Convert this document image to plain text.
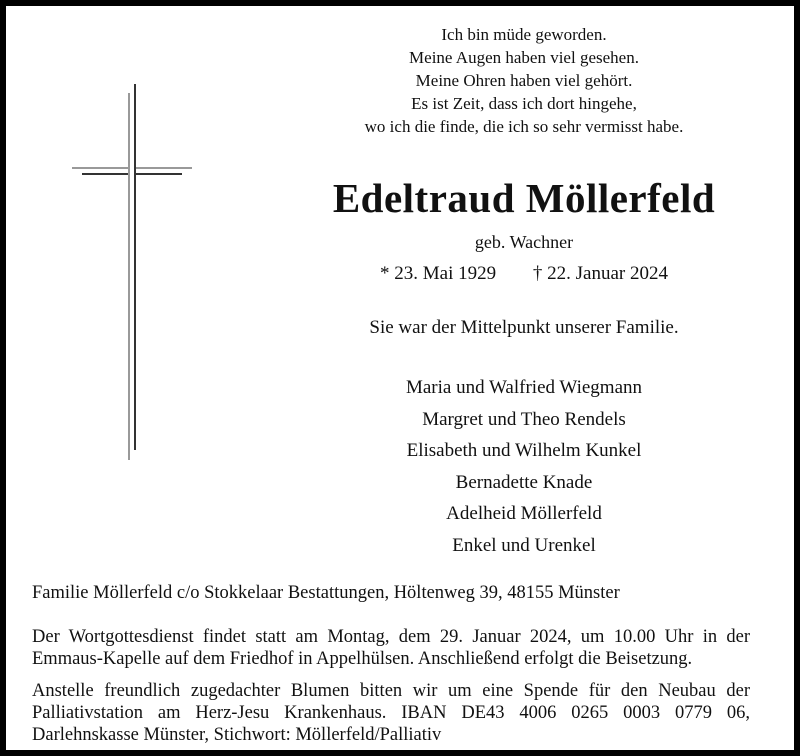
Ich bin müde geworden.
Meine Augen haben viel gesehen.
Meine Ohren haben viel gehört.
Es ist Zeit, dass ich dort hingehe,
wo ich die finde, die ich so sehr vermisst habe.
Edeltraud Möllerfeld
geb. Wachner
* 23. Mai 1929 † 22. Januar 2024
Sie war der Mittelpunkt unserer Familie.
Maria und Walfried Wiegmann
Margret und Theo Rendels
Elisabeth und Wilhelm Kunkel
Bernadette Knade
Adelheid Möllerfeld
Enkel und Urenkel
Familie Möllerfeld c/o Stokkelaar Bestattungen, Höltenweg 39, 48155 Münster
Der Wortgottesdienst findet statt am Montag, dem 29. Januar 2024, um 10.00 Uhr in der Emmaus-Kapelle auf dem Friedhof in Appelhülsen. Anschließend erfolgt die Beisetzung.
Anstelle freundlich zugedachter Blumen bitten wir um eine Spende für den Neubau der Palliativstation am Herz-Jesu Krankenhaus. IBAN DE43 4006 0265 0003 0779 06, Darlehnskasse Münster, Stichwort: Möllerfeld/Palliativ
